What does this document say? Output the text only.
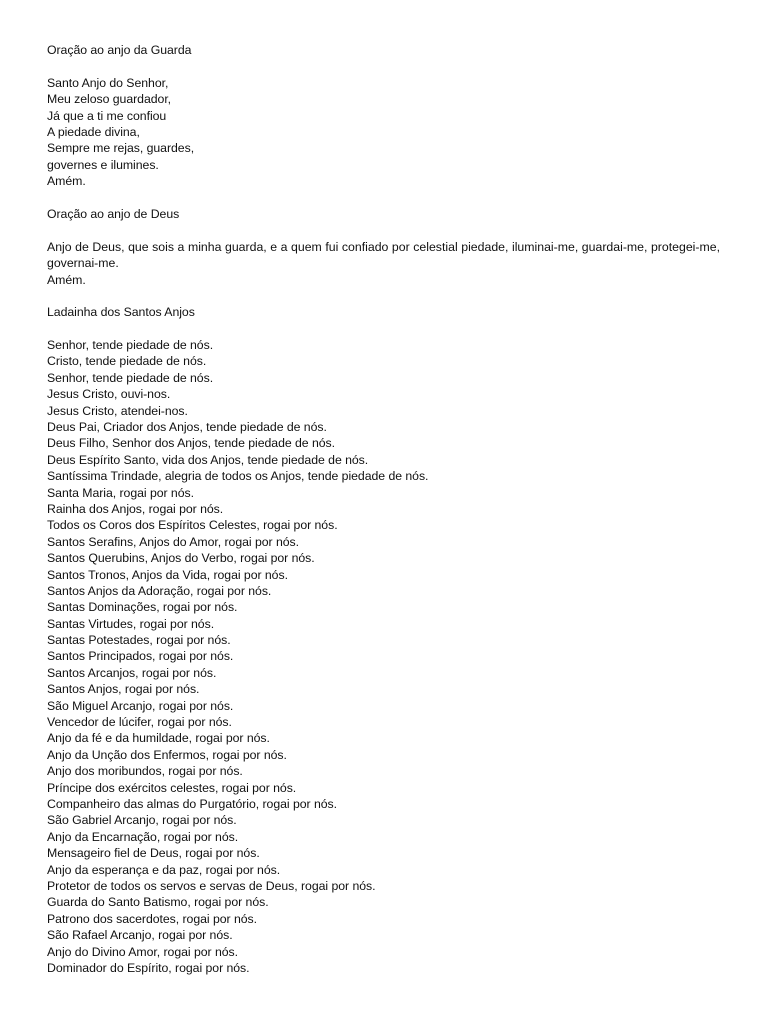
Oração ao anjo da Guarda
Santo Anjo do Senhor,
Meu zeloso guardador,
Já que a ti me confiou
A piedade divina,
Sempre me rejas, guardes,
governes e ilumines.
Amém.
Oração ao anjo de Deus
Anjo de Deus, que sois a minha guarda, e a quem fui confiado por celestial piedade, iluminai-me, guardai-me, protegei-me, governai-me.
Amém.
Ladainha dos Santos Anjos
Senhor, tende piedade de nós.
Cristo, tende piedade de nós.
Senhor, tende piedade de nós.
Jesus Cristo, ouvi-nos.
Jesus Cristo, atendei-nos.
Deus Pai, Criador dos Anjos, tende piedade de nós.
Deus Filho, Senhor dos Anjos, tende piedade de nós.
Deus Espírito Santo, vida dos Anjos, tende piedade de nós.
Santíssima Trindade, alegria de todos os Anjos, tende piedade de nós.
Santa Maria, rogai por nós.
Rainha dos Anjos, rogai por nós.
Todos os Coros dos Espíritos Celestes, rogai por nós.
Santos Serafins, Anjos do Amor, rogai por nós.
Santos Querubins, Anjos do Verbo, rogai por nós.
Santos Tronos, Anjos da Vida, rogai por nós.
Santos Anjos da Adoração, rogai por nós.
Santas Dominações, rogai por nós.
Santas Virtudes, rogai por nós.
Santas Potestades, rogai por nós.
Santos Principados, rogai por nós.
Santos Arcanjos, rogai por nós.
Santos Anjos, rogai por nós.
São Miguel Arcanjo, rogai por nós.
Vencedor de lúcifer, rogai por nós.
Anjo da fé e da humildade, rogai por nós.
Anjo da Unção dos Enfermos, rogai por nós.
Anjo dos moribundos, rogai por nós.
Príncipe dos exércitos celestes, rogai por nós.
Companheiro das almas do Purgatório, rogai por nós.
São Gabriel Arcanjo, rogai por nós.
Anjo da Encarnação, rogai por nós.
Mensageiro fiel de Deus, rogai por nós.
Anjo da esperança e da paz, rogai por nós.
Protetor de todos os servos e servas de Deus, rogai por nós.
Guarda do Santo Batismo, rogai por nós.
Patrono dos sacerdotes, rogai por nós.
São Rafael Arcanjo, rogai por nós.
Anjo do Divino Amor, rogai por nós.
Dominador do Espírito, rogai por nós.
